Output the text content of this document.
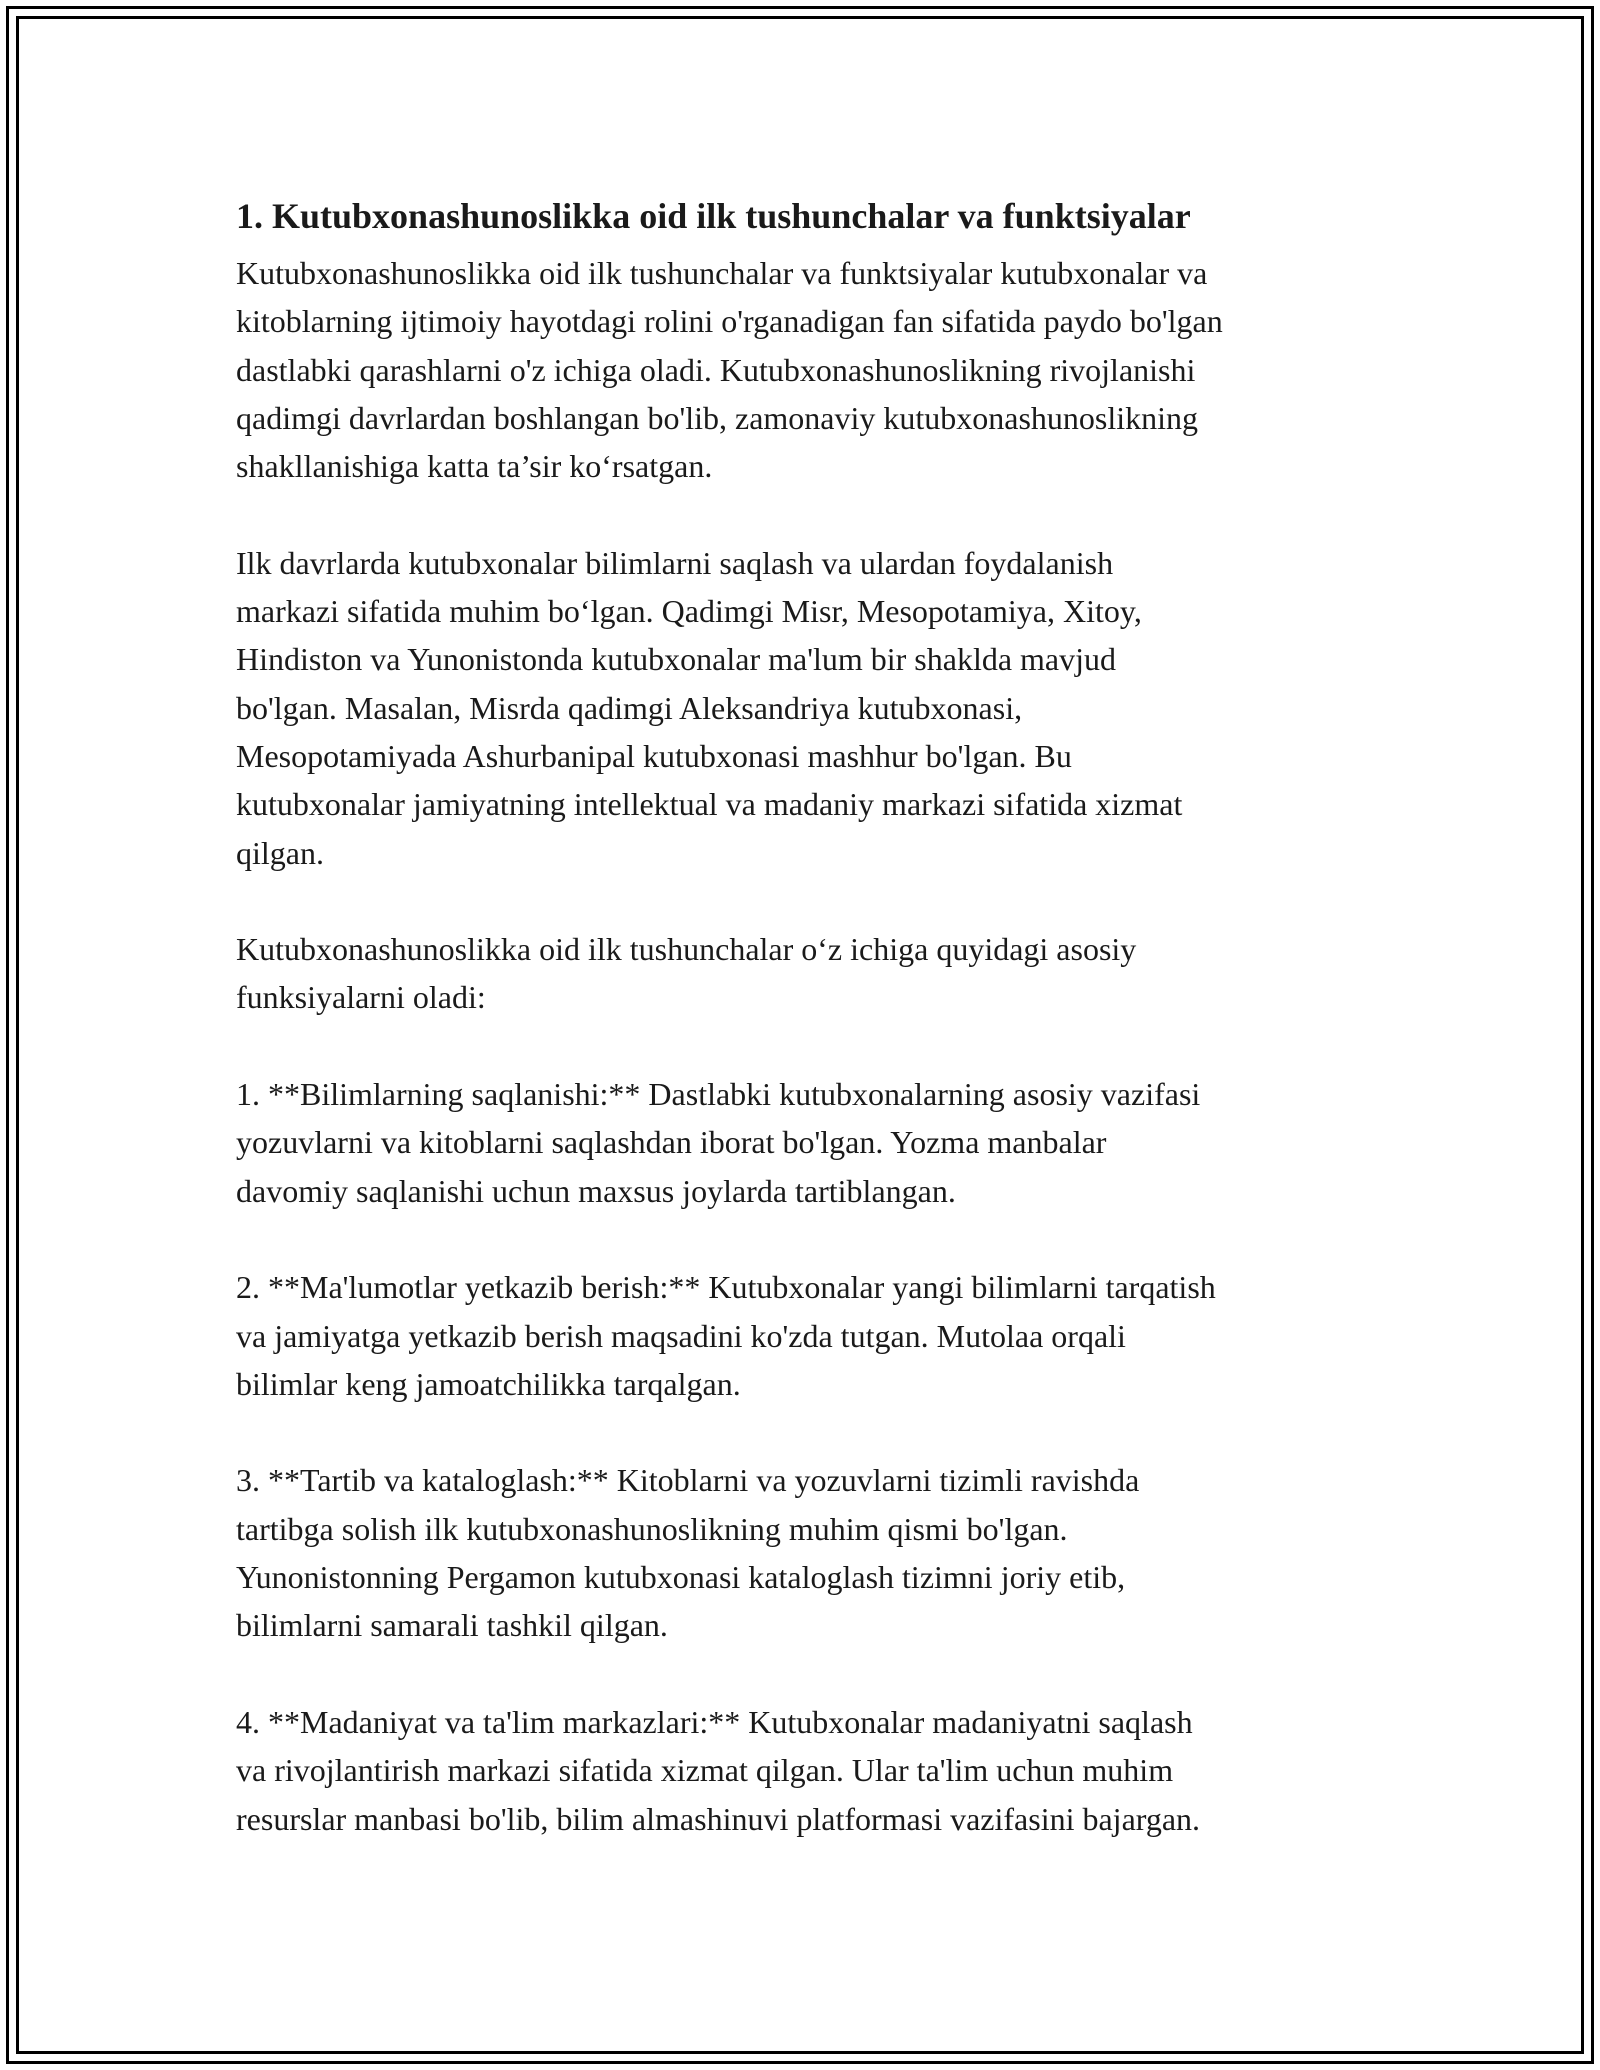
1. Kutubxonashunoslikka oid ilk tushunchalar va funktsiyalar
Kutubxonashunoslikka oid ilk tushunchalar va funktsiyalar kutubxonalar va
kitoblarning ijtimoiy hayotdagi rolini o'rganadigan fan sifatida paydo bo'lgan
dastlabki qarashlarni o'z ichiga oladi. Kutubxonashunoslikning rivojlanishi
qadimgi davrlardan boshlangan bo'lib, zamonaviy kutubxonashunoslikning
shakllanishiga katta ta’sir ko‘rsatgan.
Ilk davrlarda kutubxonalar bilimlarni saqlash va ulardan foydalanish
markazi sifatida muhim bo‘lgan. Qadimgi Misr, Mesopotamiya, Xitoy,
Hindiston va Yunonistonda kutubxonalar ma'lum bir shaklda mavjud
bo'lgan. Masalan, Misrda qadimgi Aleksandriya kutubxonasi,
Mesopotamiyada Ashurbanipal kutubxonasi mashhur bo'lgan. Bu
kutubxonalar jamiyatning intellektual va madaniy markazi sifatida xizmat
qilgan.
Kutubxonashunoslikka oid ilk tushunchalar o‘z ichiga quyidagi asosiy
funksiyalarni oladi:
1. **Bilimlarning saqlanishi:** Dastlabki kutubxonalarning asosiy vazifasi
yozuvlarni va kitoblarni saqlashdan iborat bo'lgan. Yozma manbalar
davomiy saqlanishi uchun maxsus joylarda tartiblangan.
2. **Ma'lumotlar yetkazib berish:** Kutubxonalar yangi bilimlarni tarqatish
va jamiyatga yetkazib berish maqsadini ko'zda tutgan. Mutolaa orqali
bilimlar keng jamoatchilikka tarqalgan.
3. **Tartib va kataloglash:** Kitoblarni va yozuvlarni tizimli ravishda
tartibga solish ilk kutubxonashunoslikning muhim qismi bo'lgan.
Yunonistonning Pergamon kutubxonasi kataloglash tizimni joriy etib,
bilimlarni samarali tashkil qilgan.
4. **Madaniyat va ta'lim markazlari:** Kutubxonalar madaniyatni saqlash
va rivojlantirish markazi sifatida xizmat qilgan. Ular ta'lim uchun muhim
resurslar manbasi bo'lib, bilim almashinuvi platformasi vazifasini bajargan.
